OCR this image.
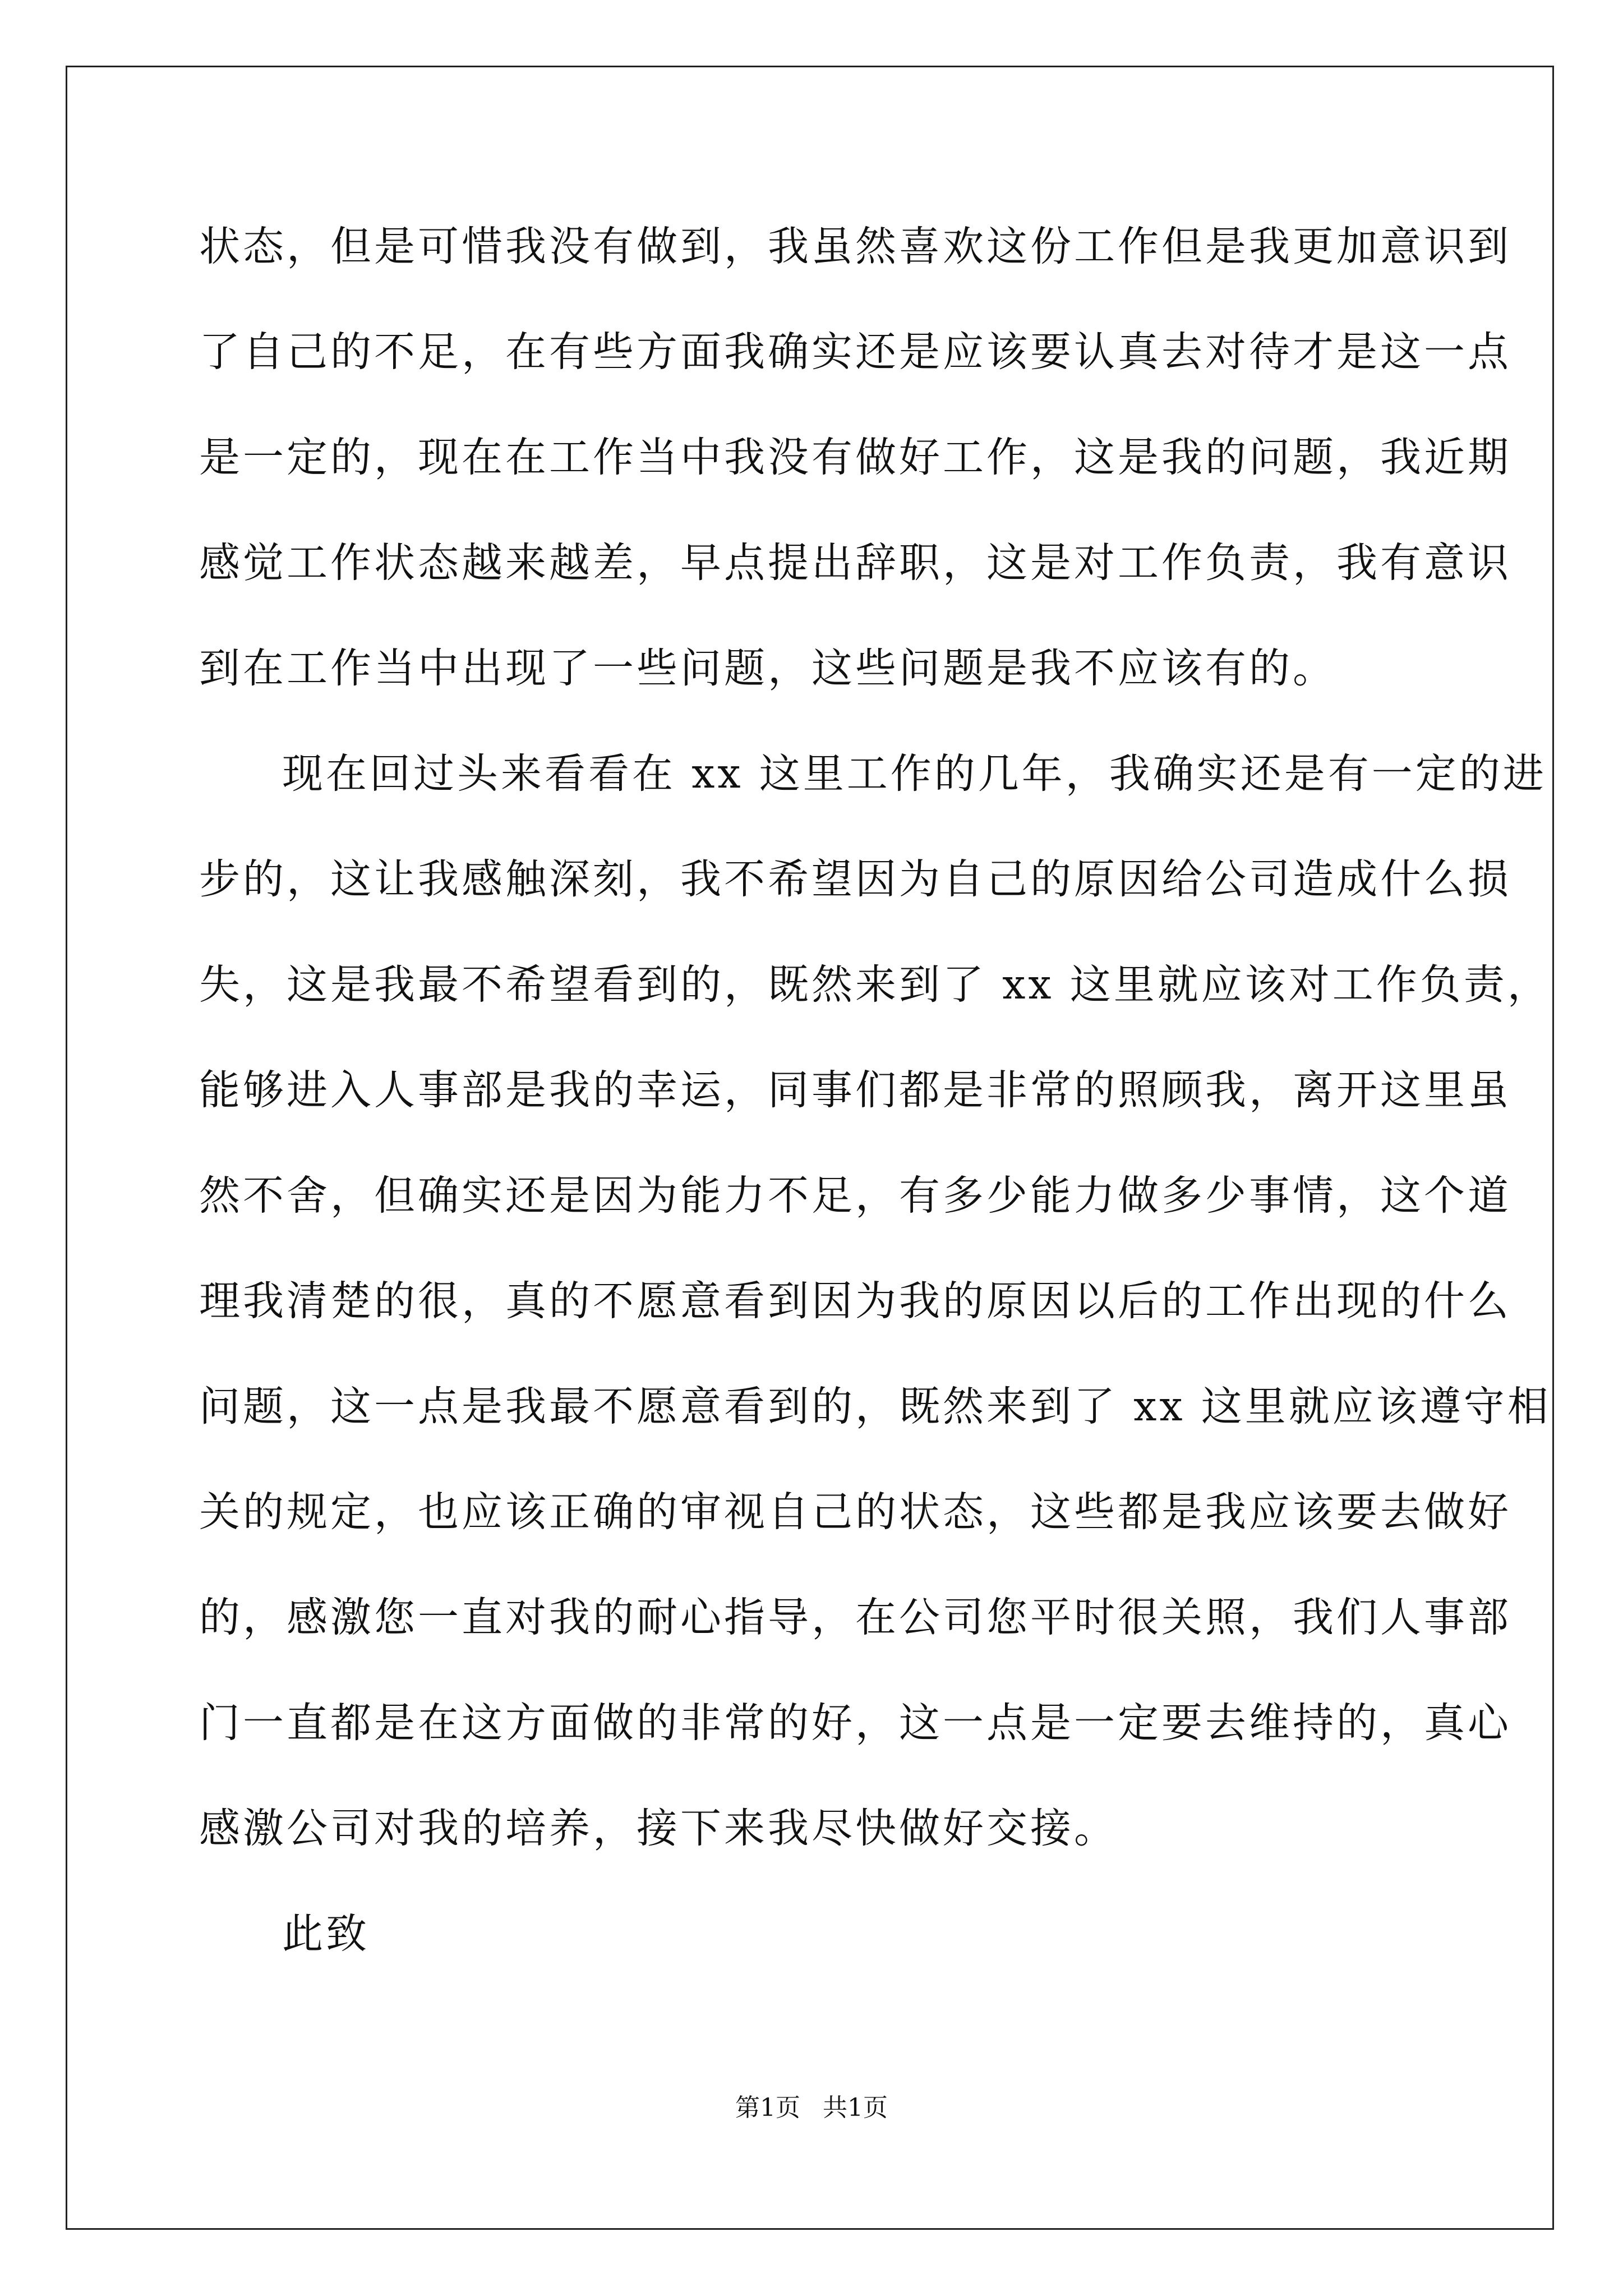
状态，但是可惜我没有做到，我虽然喜欢这份工作但是我更加意识到
了自己的不足，在有些方面我确实还是应该要认真去对待才是这一点
是一定的，现在在工作当中我没有做好工作，这是我的问题，我近期
感觉工作状态越来越差，早点提出辞职，这是对工作负责，我有意识
到在工作当中出现了一些问题，这些问题是我不应该有的。
现在回过头来看看在 xx 这里工作的几年，我确实还是有一定的进
步的，这让我感触深刻，我不希望因为自己的原因给公司造成什么损
失，这是我最不希望看到的，既然来到了 xx 这里就应该对工作负责，
能够进入人事部是我的幸运，同事们都是非常的照顾我，离开这里虽
然不舍，但确实还是因为能力不足，有多少能力做多少事情，这个道
理我清楚的很，真的不愿意看到因为我的原因以后的工作出现的什么
问题，这一点是我最不愿意看到的，既然来到了 xx 这里就应该遵守相
关的规定，也应该正确的审视自己的状态，这些都是我应该要去做好
的，感激您一直对我的耐心指导，在公司您平时很关照，我们人事部
门一直都是在这方面做的非常的好，这一点是一定要去维持的，真心
感激公司对我的培养，接下来我尽快做好交接。
此致
第1页 共1页
